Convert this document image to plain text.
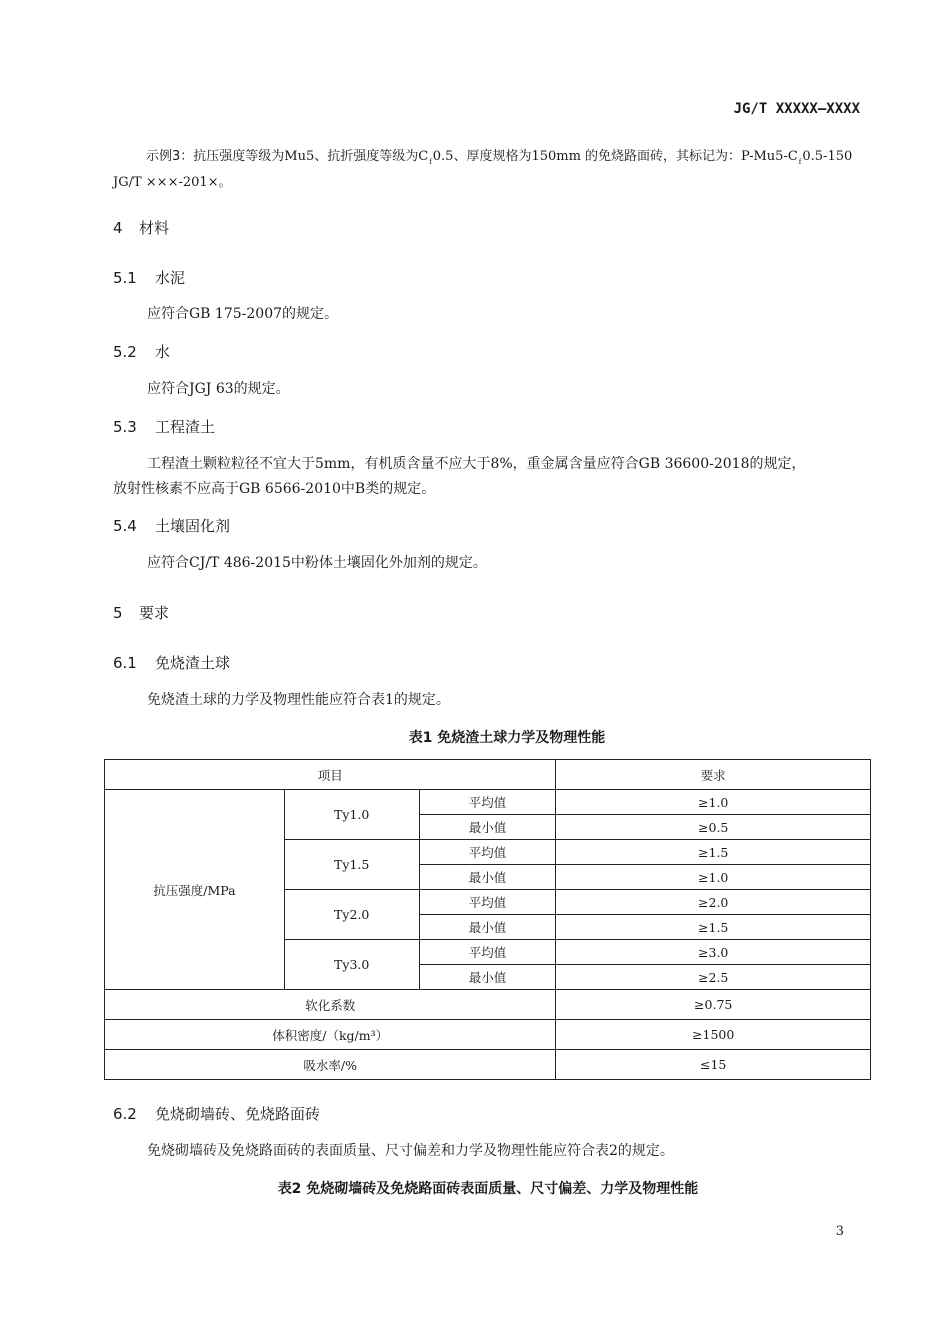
JG/T XXXXX—XXXX
示例3：抗压强度等级为Mu5、抗折强度等级为$C_f0.5$、厚度规格为150mm 的免烧路面砖，其标记为：$P-Mu5-C_f0.5-150$
JG/T ×××-201×。
4 材料
5.1 水泥
应符合GB 175-2007的规定。
5.2 水
应符合JGJ 63的规定。
5.3 工程渣土
工程渣土颗粒粒径不宜大于5mm，有机质含量不应大于8%，重金属含量应符合GB 36600-2018的规定，
放射性核素不应高于GB 6566-2010中B类的规定。
5.4 土壤固化剂
应符合CJ/T 486-2015中粉体土壤固化外加剂的规定。
5 要求
6.1 免烧渣土球
免烧渣土球的力学及物理性能应符合表1的规定。
表1 免烧渣土球力学及物理性能
项目			要求
抗压强度/MPa	Ty1.0	平均值	≥1.0
		最小值	≥0.5
	Ty1.5	平均值	≥1.5
		最小值	≥1.0
	Ty2.0	平均值	≥2.0
		最小值	≥1.5
	Ty3.0	平均值	≥3.0
		最小值	≥2.5
软化系数			≥0.75
体积密度/（kg/m³）			≥1500
吸水率/%			≤15
6.2 免烧砌墙砖、免烧路面砖
免烧砌墙砖及免烧路面砖的表面质量、尺寸偏差和力学及物理性能应符合表2的规定。
表2 免烧砌墙砖及免烧路面砖表面质量、尺寸偏差、力学及物理性能
3
